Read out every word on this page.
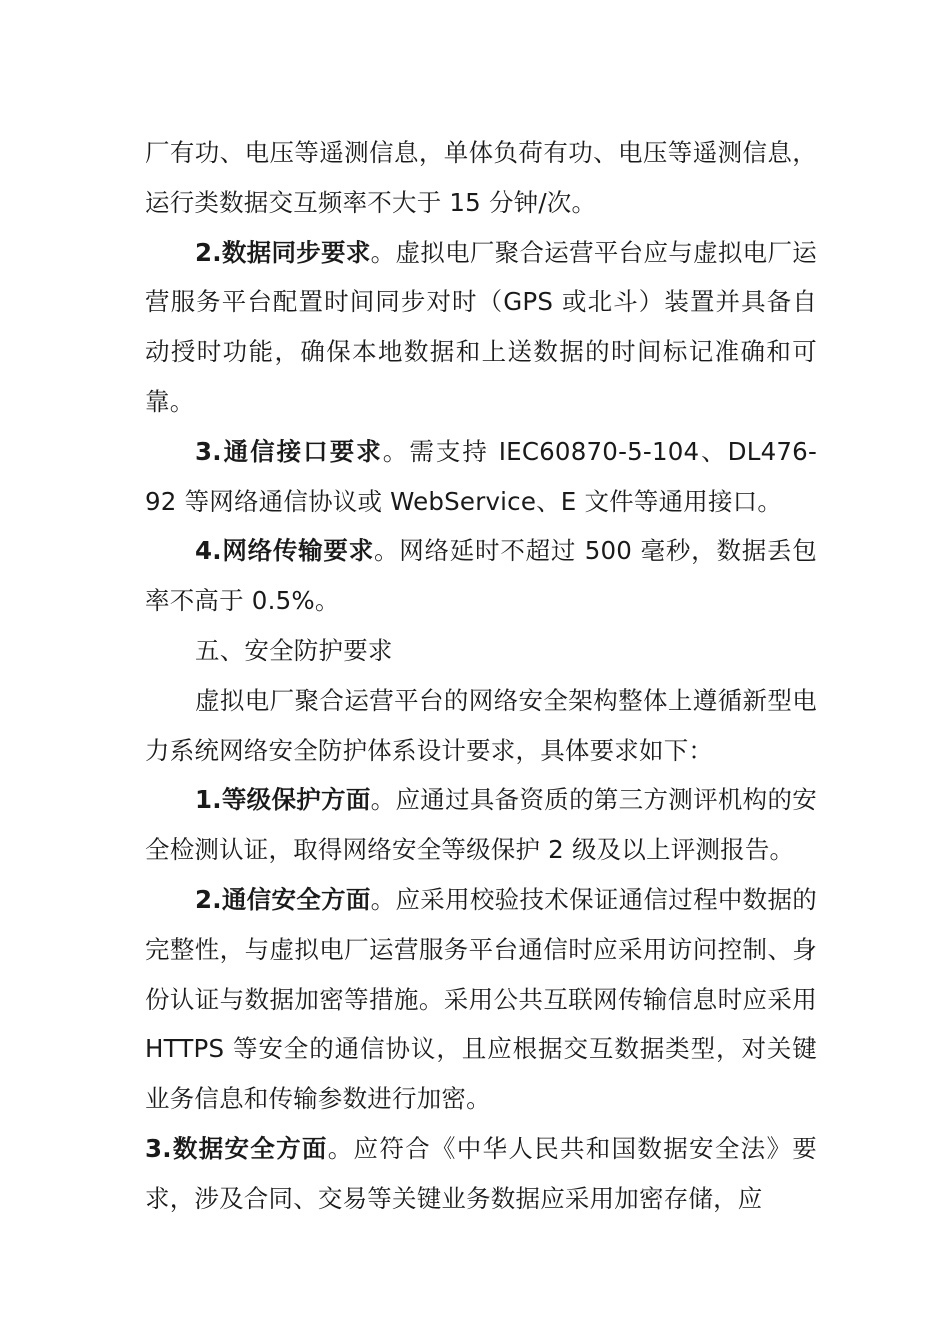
厂有功、电压等遥测信息，单体负荷有功、电压等遥测信息，运行类数据交互频率不大于 15 分钟/次。

2.数据同步要求。虚拟电厂聚合运营平台应与虚拟电厂运营服务平台配置时间同步对时（GPS 或北斗）装置并具备自动授时功能，确保本地数据和上送数据的时间标记准确和可靠。

3.通信接口要求。需支持 IEC60870-5-104、DL476-92 等网络通信协议或 WebService、E 文件等通用接口。

4.网络传输要求。网络延时不超过 500 毫秒，数据丢包率不高于 0.5%。

五、安全防护要求

虚拟电厂聚合运营平台的网络安全架构整体上遵循新型电力系统网络安全防护体系设计要求，具体要求如下：

1.等级保护方面。应通过具备资质的第三方测评机构的安全检测认证，取得网络安全等级保护 2 级及以上评测报告。

2.通信安全方面。应采用校验技术保证通信过程中数据的完整性，与虚拟电厂运营服务平台通信时应采用访问控制、身份认证与数据加密等措施。采用公共互联网传输信息时应采用 HTTPS 等安全的通信协议，且应根据交互数据类型，对关键业务信息和传输参数进行加密。

3.数据安全方面。应符合《中华人民共和国数据安全法》要求，涉及合同、交易等关键业务数据应采用加密存储，应
